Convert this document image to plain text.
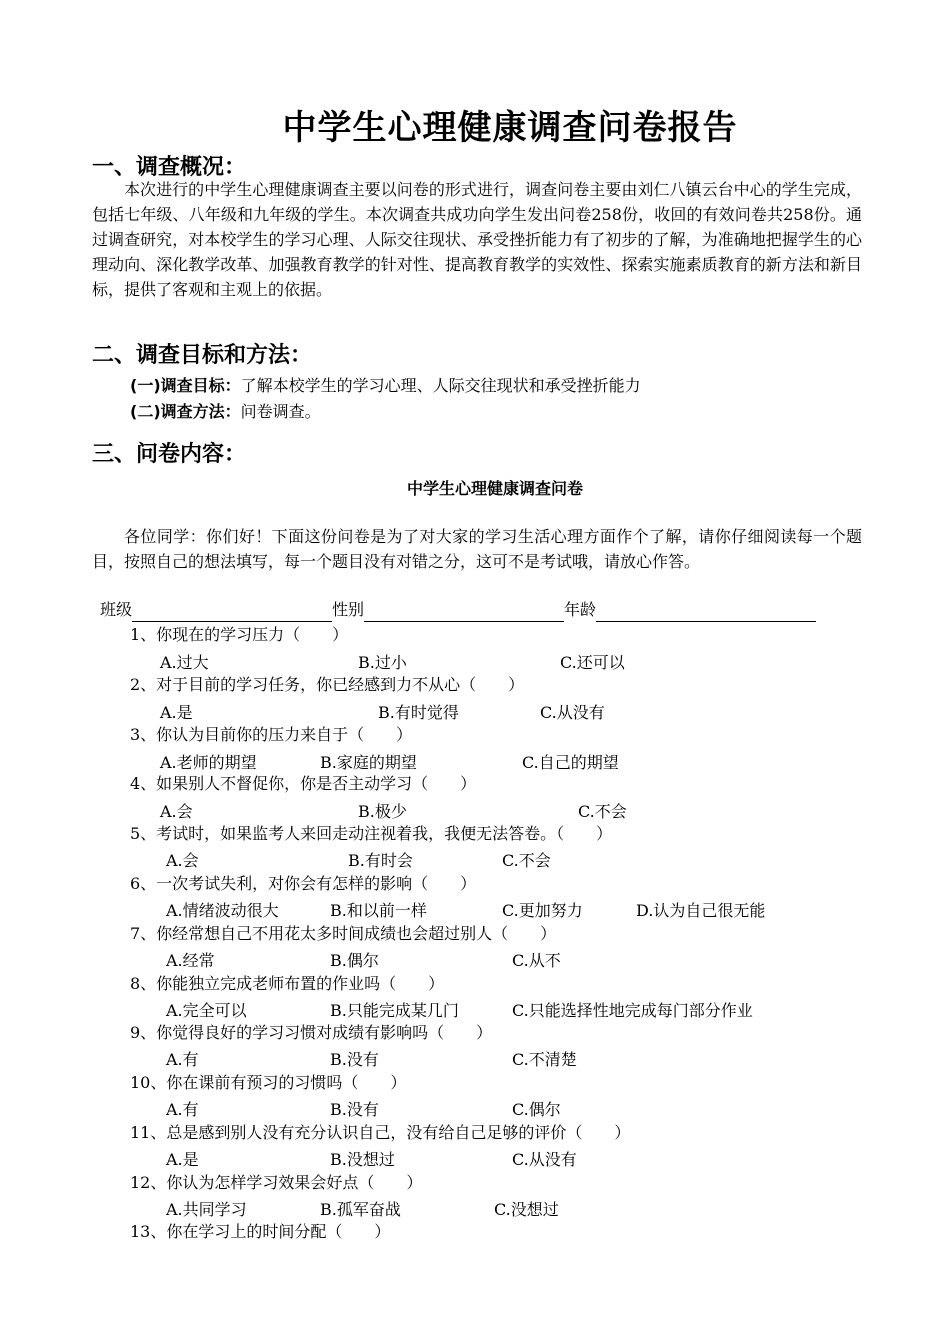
中学生心理健康调查问卷报告
一、调查概况：
本次进行的中学生心理健康调查主要以问卷的形式进行，调查问卷主要由刘仁八镇云台中心的学生完成，包括七年级、八年级和九年级的学生。本次调查共成功向学生发出问卷258份，收回的有效问卷共258份。通过调查研究，对本校学生的学习心理、人际交往现状、承受挫折能力有了初步的了解，为准确地把握学生的心理动向、深化教学改革、加强教育教学的针对性、提高教育教学的实效性、探索实施素质教育的新方法和新目标，提供了客观和主观上的依据。
二、调查目标和方法：
(一)调查目标：了解本校学生的学习心理、人际交往现状和承受挫折能力
(二)调查方法：问卷调查。
三、问卷内容：
中学生心理健康调查问卷
各位同学：你们好！下面这份问卷是为了对大家的学习生活心理方面作个了解，请你仔细阅读每一个题目，按照自己的想法填写，每一个题目没有对错之分，这可不是考试哦，请放心作答。
班级	性别	年龄
1、你现在的学习压力（　　）
A.过大	B.过小	C.还可以
2、对于目前的学习任务，你已经感到力不从心（　　）
A.是	B.有时觉得	C.从没有
3、你认为目前你的压力来自于（　　）
A.老师的期望	B.家庭的期望	C.自己的期望
4、如果别人不督促你，你是否主动学习（　　）
A.会	B.极少	C.不会
5、考试时，如果监考人来回走动注视着我，我便无法答卷。（　　）
A.会	B.有时会	C.不会
6、一次考试失利，对你会有怎样的影响（　　）
A.情绪波动很大	B.和以前一样	C.更加努力	D.认为自己很无能
7、你经常想自己不用花太多时间成绩也会超过别人（　　）
A.经常	B.偶尔	C.从不
8、你能独立完成老师布置的作业吗（　　）
A.完全可以	B.只能完成某几门	C.只能选择性地完成每门部分作业
9、你觉得良好的学习习惯对成绩有影响吗（　　）
A.有	B.没有	C.不清楚
10、你在课前有预习的习惯吗（　　）
A.有	B.没有	C.偶尔
11、总是感到别人没有充分认识自己，没有给自己足够的评价（　　）
A.是	B.没想过	C.从没有
12、你认为怎样学习效果会好点（　　）
A.共同学习	B.孤军奋战	C.没想过
13、你在学习上的时间分配（　　）
